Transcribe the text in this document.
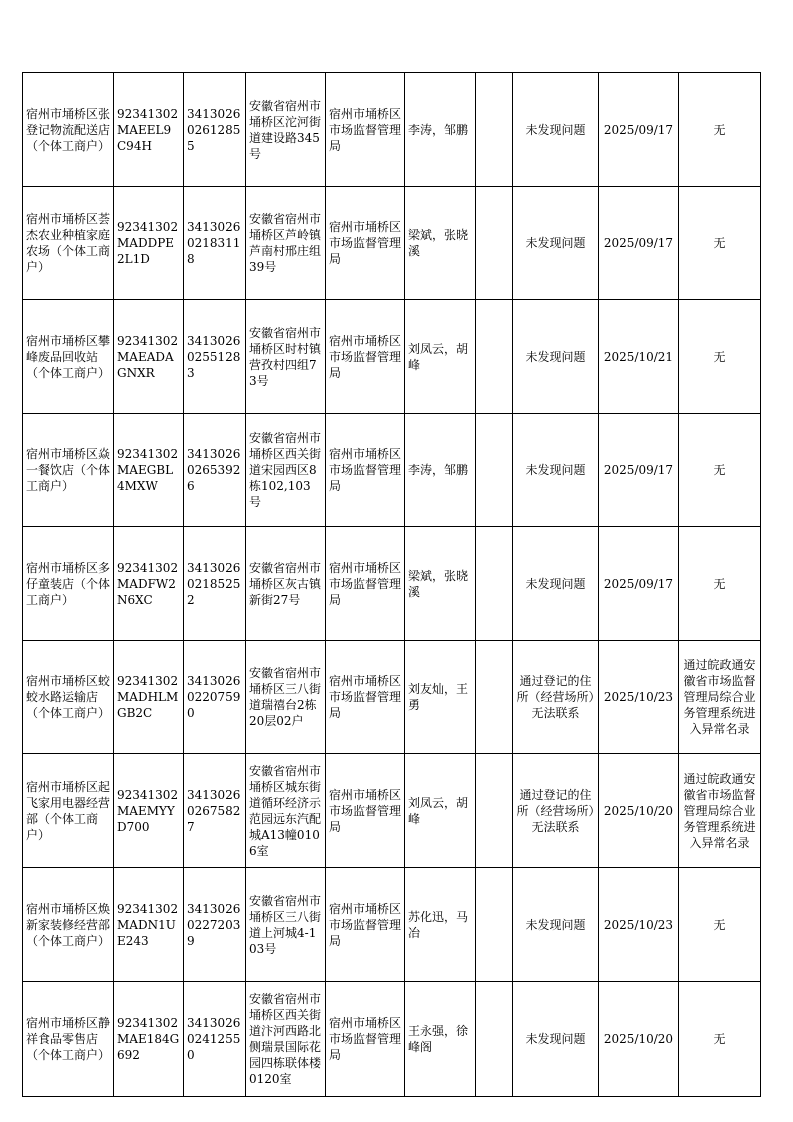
宿州市埇桥区张登记物流配送店（个体工商户）	92341302MAEEL9C94H	341302602612855	安徽省宿州市埇桥区沱河街道建设路345号	宿州市埇桥区市场监督管理局	李涛，邹鹏		未发现问题	2025/09/17	无
宿州市埇桥区荟杰农业种植家庭农场（个体工商户）	92341302MADDPE2L1D	341302602183118	安徽省宿州市埇桥区芦岭镇芦南村邢庄组39号	宿州市埇桥区市场监督管理局	梁斌，张晓溪		未发现问题	2025/09/17	无
宿州市埇桥区攀峰废品回收站（个体工商户）	92341302MAEADAGNXR	341302602551283	安徽省宿州市埇桥区时村镇营孜村四组73号	宿州市埇桥区市场监督管理局	刘凤云，胡峰		未发现问题	2025/10/21	无
宿州市埇桥区焱一餐饮店（个体工商户）	92341302MAEGBL4MXW	341302602653926	安徽省宿州市埇桥区西关街道宋园西区8栋102,103号	宿州市埇桥区市场监督管理局	李涛，邹鹏		未发现问题	2025/09/17	无
宿州市埇桥区多仔童装店（个体工商户）	92341302MADFW2N6XC	341302602185252	安徽省宿州市埇桥区灰古镇新街27号	宿州市埇桥区市场监督管理局	梁斌，张晓溪		未发现问题	2025/09/17	无
宿州市埇桥区蛟蛟水路运输店（个体工商户）	92341302MADHLMGB2C	341302602207590	安徽省宿州市埇桥区三八街道瑞禧台2栋20层02户	宿州市埇桥区市场监督管理局	刘友灿，王勇		通过登记的住所（经营场所）无法联系	2025/10/23	通过皖政通安徽省市场监督管理局综合业务管理系统进入异常名录
宿州市埇桥区起飞家用电器经营部（个体工商户）	92341302MAEMYYD700	341302602675827	安徽省宿州市埇桥区城东街道循环经济示范园远东汽配城A13幢0106室	宿州市埇桥区市场监督管理局	刘凤云，胡峰		通过登记的住所（经营场所）无法联系	2025/10/20	通过皖政通安徽省市场监督管理局综合业务管理系统进入异常名录
宿州市埇桥区焕新家装修经营部（个体工商户）	92341302MADN1UE243	341302602272039	安徽省宿州市埇桥区三八街道上河城4-103号	宿州市埇桥区市场监督管理局	苏化迅，马冶		未发现问题	2025/10/23	无
宿州市埇桥区静祥食品零售店（个体工商户）	92341302MAE184G692	341302602412550	安徽省宿州市埇桥区西关街道汴河西路北侧瑞景国际花园四栋联体楼0120室	宿州市埇桥区市场监督管理局	王永强，徐峰阁		未发现问题	2025/10/20	无
